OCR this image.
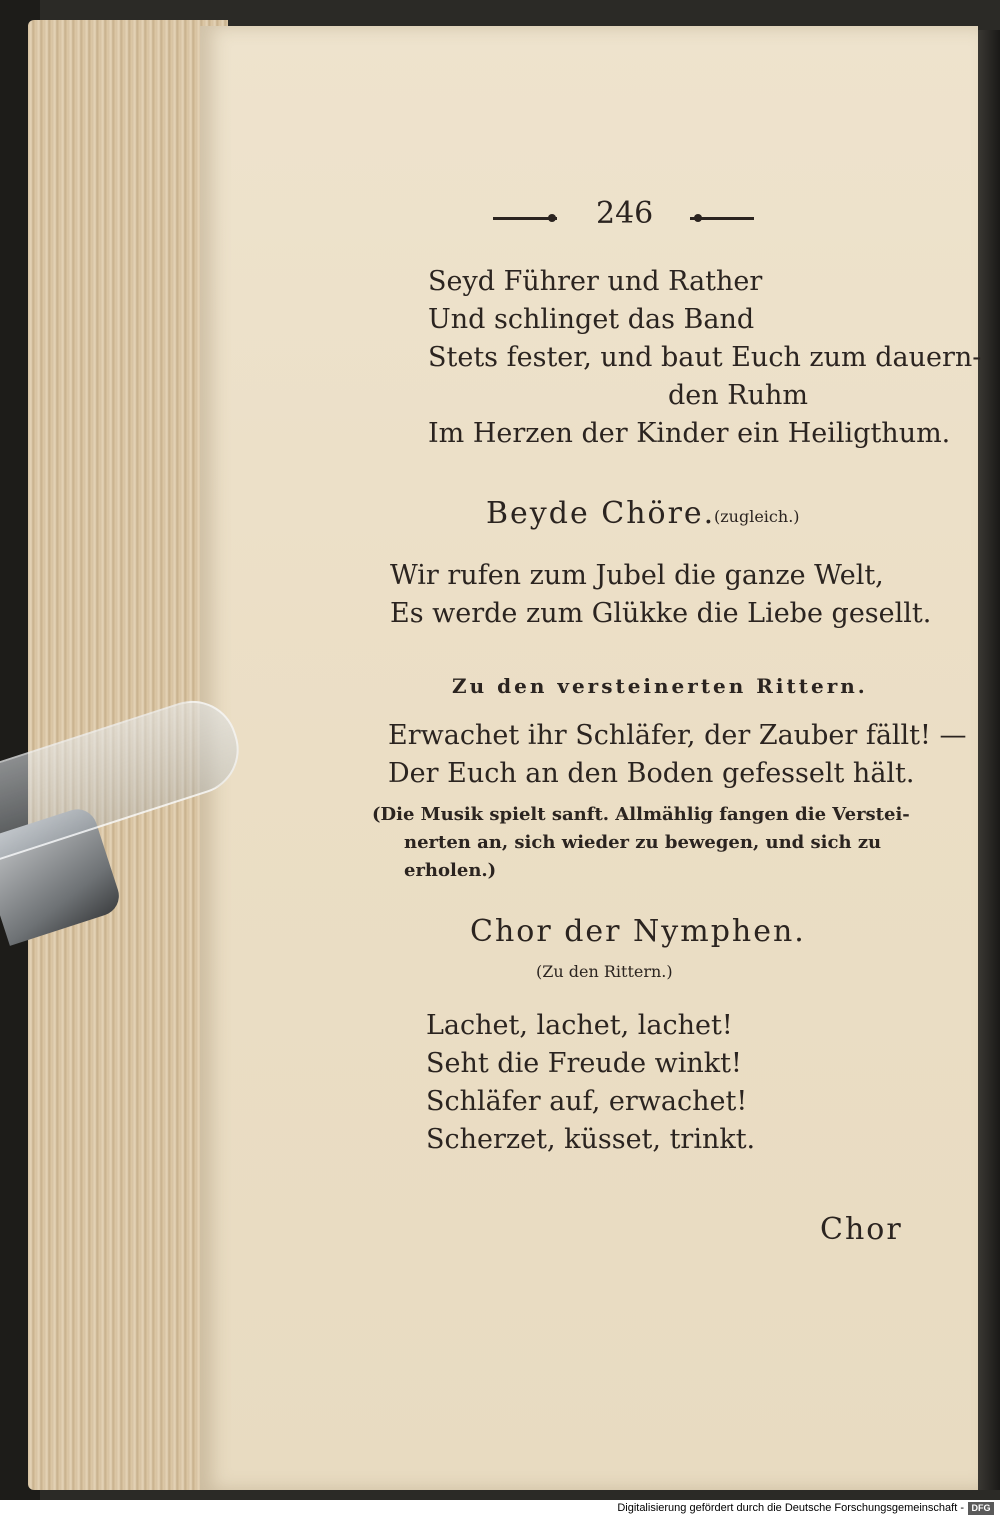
246
Seyd Führer und Rather
Und schlinget das Band
Stets fester, und baut Euch zum dauern-
den Ruhm
Im Herzen der Kinder ein Heiligthum.
Beyde Chöre.
(zugleich.)
Wir rufen zum Jubel die ganze Welt,
Es werde zum Glükke die Liebe gesellt.
Zu den versteinerten Rittern.
Erwachet ihr Schläfer, der Zauber fällt! —
Der Euch an den Boden gefesselt hält.
(Die Musik spielt sanft. Allmählig fangen die Verstei-
nerten an, sich wieder zu bewegen, und sich zu
erholen.)
Chor der Nymphen.
(Zu den Rittern.)
Lachet, lachet, lachet!
Seht die Freude winkt!
Schläfer auf, erwachet!
Scherzet, küsset, trinkt.
Chor
Digitalisierung gefördert durch die Deutsche Forschungsgemeinschaft - DFG
